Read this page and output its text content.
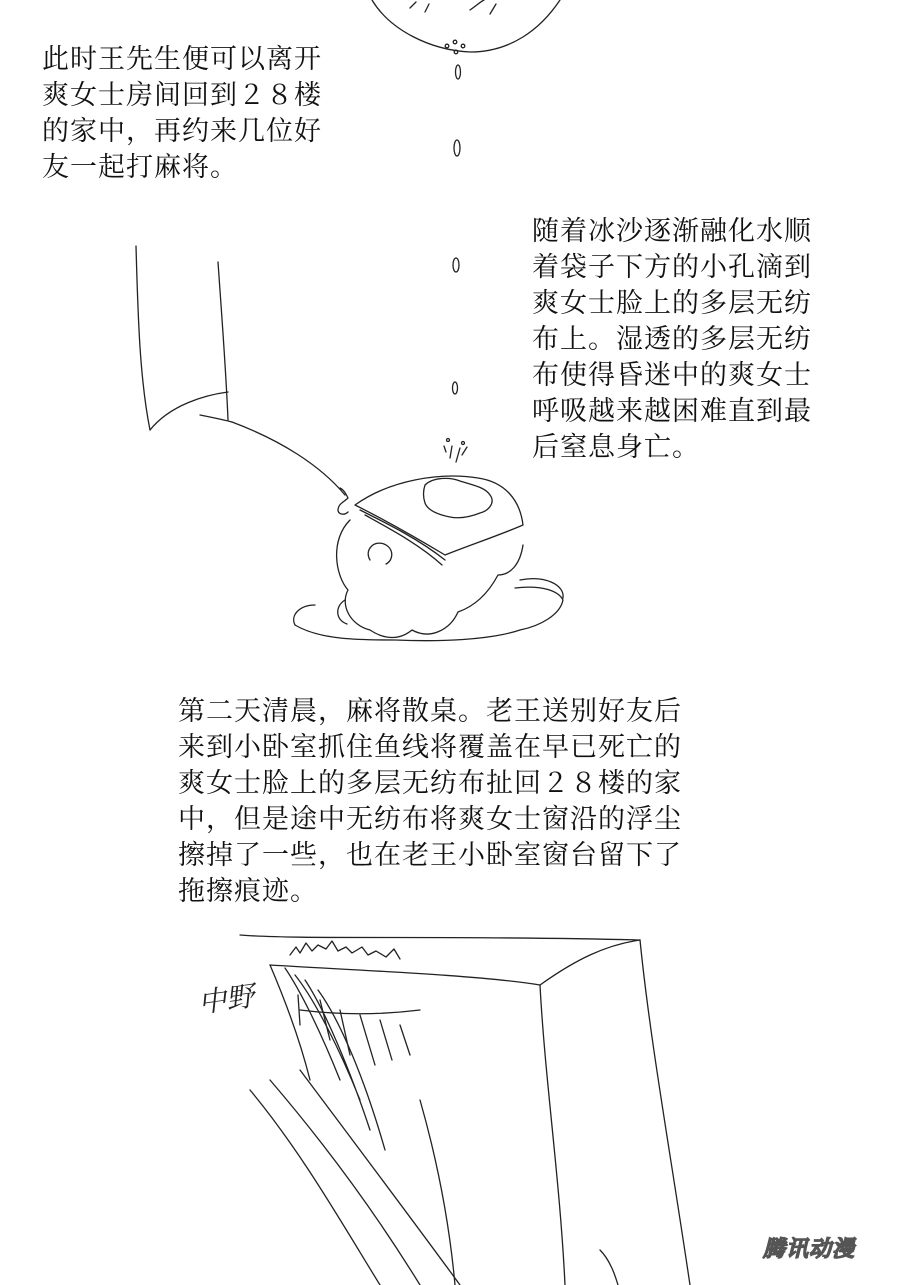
此时王先生便可以离开
爽女士房间回到２８楼
的家中，再约来几位好
友一起打麻将。
随着冰沙逐渐融化水顺
着袋子下方的小孔滴到
爽女士脸上的多层无纺
布上。湿透的多层无纺
布使得昏迷中的爽女士
呼吸越来越困难直到最
后窒息身亡。
第二天清晨，麻将散桌。老王送别好友后
来到小卧室抓住鱼线将覆盖在早已死亡的
爽女士脸上的多层无纺布扯回２８楼的家
中，但是途中无纺布将爽女士窗沿的浮尘
擦掉了一些，也在老王小卧室窗台留下了
拖擦痕迹。
中野
腾讯动漫
